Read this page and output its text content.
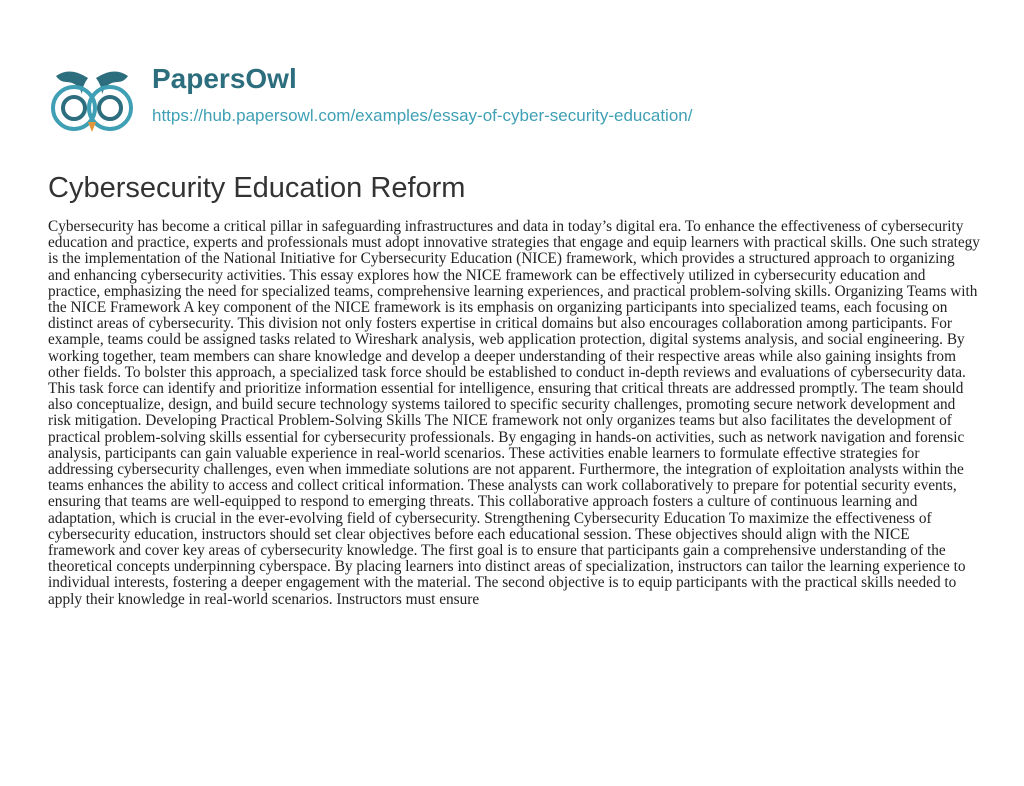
PapersOwl
https://hub.papersowl.com/examples/essay-of-cyber-security-education/
Cybersecurity Education Reform

Cybersecurity has become a critical pillar in safeguarding infrastructures and data in today’s digital era. To enhance the effectiveness of cybersecurity education and practice, experts and professionals must adopt innovative strategies that engage and equip learners with practical skills. One such strategy is the implementation of the National Initiative for Cybersecurity Education (NICE) framework, which provides a structured approach to organizing and enhancing cybersecurity activities. This essay explores how the NICE framework can be effectively utilized in cybersecurity education and practice, emphasizing the need for specialized teams, comprehensive learning experiences, and practical problem-solving skills. Organizing Teams with the NICE Framework A key component of the NICE framework is its emphasis on organizing participants into specialized teams, each focusing on distinct areas of cybersecurity. This division not only fosters expertise in critical domains but also encourages collaboration among participants. For example, teams could be assigned tasks related to Wireshark analysis, web application protection, digital systems analysis, and social engineering. By working together, team members can share knowledge and develop a deeper understanding of their respective areas while also gaining insights from other fields. To bolster this approach, a specialized task force should be established to conduct in-depth reviews and evaluations of cybersecurity data. This task force can identify and prioritize information essential for intelligence, ensuring that critical threats are addressed promptly. The team should also conceptualize, design, and build secure technology systems tailored to specific security challenges, promoting secure network development and risk mitigation. Developing Practical Problem-Solving Skills The NICE framework not only organizes teams but also facilitates the development of practical problem-solving skills essential for cybersecurity professionals. By engaging in hands-on activities, such as network navigation and forensic analysis, participants can gain valuable experience in real-world scenarios. These activities enable learners to formulate effective strategies for addressing cybersecurity challenges, even when immediate solutions are not apparent. Furthermore, the integration of exploitation analysts within the teams enhances the ability to access and collect critical information. These analysts can work collaboratively to prepare for potential security events, ensuring that teams are well-equipped to respond to emerging threats. This collaborative approach fosters a culture of continuous learning and adaptation, which is crucial in the ever-evolving field of cybersecurity. Strengthening Cybersecurity Education To maximize the effectiveness of cybersecurity education, instructors should set clear objectives before each educational session. These objectives should align with the NICE framework and cover key areas of cybersecurity knowledge. The first goal is to ensure that participants gain a comprehensive understanding of the theoretical concepts underpinning cyberspace. By placing learners into distinct areas of specialization, instructors can tailor the learning experience to individual interests, fostering a deeper engagement with the material. The second objective is to equip participants with the practical skills needed to apply their knowledge in real-world scenarios. Instructors must ensure
